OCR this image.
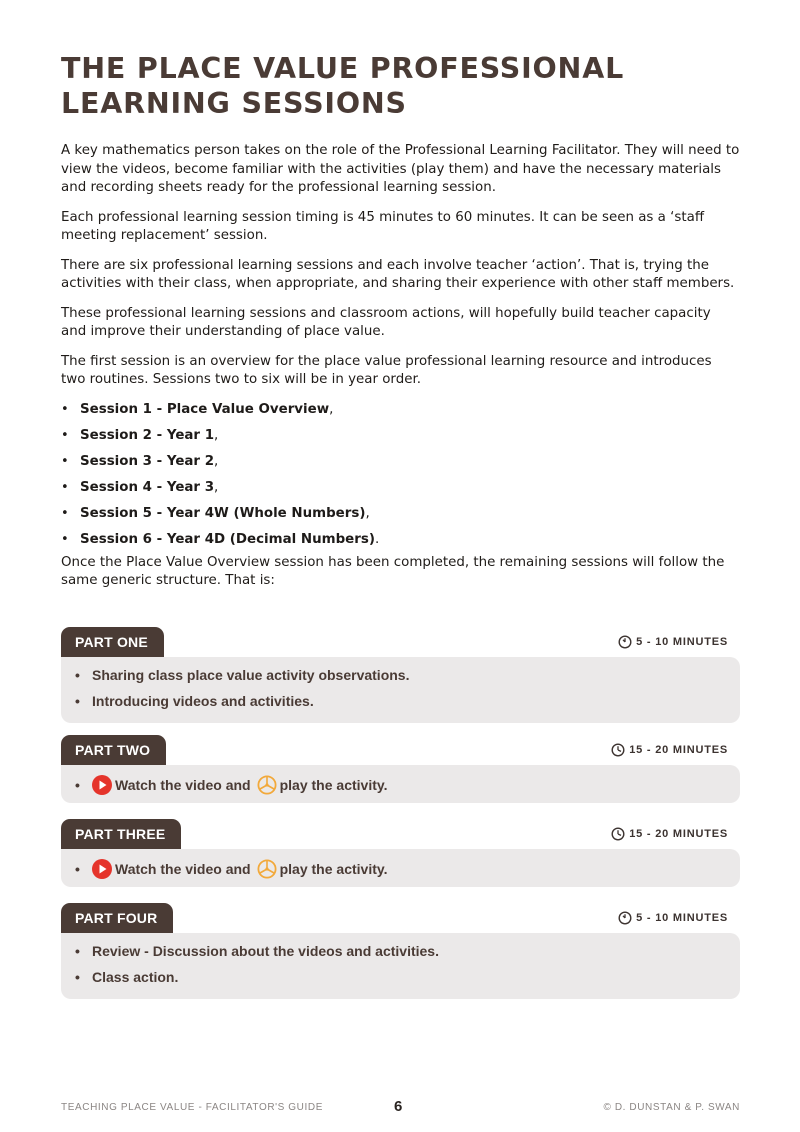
THE PLACE VALUE PROFESSIONAL LEARNING SESSIONS

A key mathematics person takes on the role of the Professional Learning Facilitator. They will need to view the videos, become familiar with the activities (play them) and have the necessary materials and recording sheets ready for the professional learning session.

Each professional learning session timing is 45 minutes to 60 minutes. It can be seen as a ‘staff meeting replacement’ session.

There are six professional learning sessions and each involve teacher ‘action’. That is, trying the activities with their class, when appropriate, and sharing their experience with other staff members.

These professional learning sessions and classroom actions, will hopefully build teacher capacity and improve their understanding of place value.

The first session is an overview for the place value professional learning resource and introduces two routines. Sessions two to six will be in year order.

• Session 1 - Place Value Overview,
• Session 2 - Year 1,
• Session 3 - Year 2,
• Session 4 - Year 3,
• Session 5 - Year 4W (Whole Numbers),
• Session 6 - Year 4D (Decimal Numbers).

Once the Place Value Overview session has been completed, the remaining sessions will follow the same generic structure. That is:

PART ONE	5 - 10 MINUTES
• Sharing class place value activity observations.
• Introducing videos and activities.
PART TWO	15 - 20 MINUTES
• Watch the video and play the activity.
PART THREE	15 - 20 MINUTES
• Watch the video and play the activity.
PART FOUR	5 - 10 MINUTES
• Review - Discussion about the videos and activities.
• Class action.
TEACHING PLACE VALUE - FACILITATOR'S GUIDE	6	© D. DUNSTAN & P. SWAN
